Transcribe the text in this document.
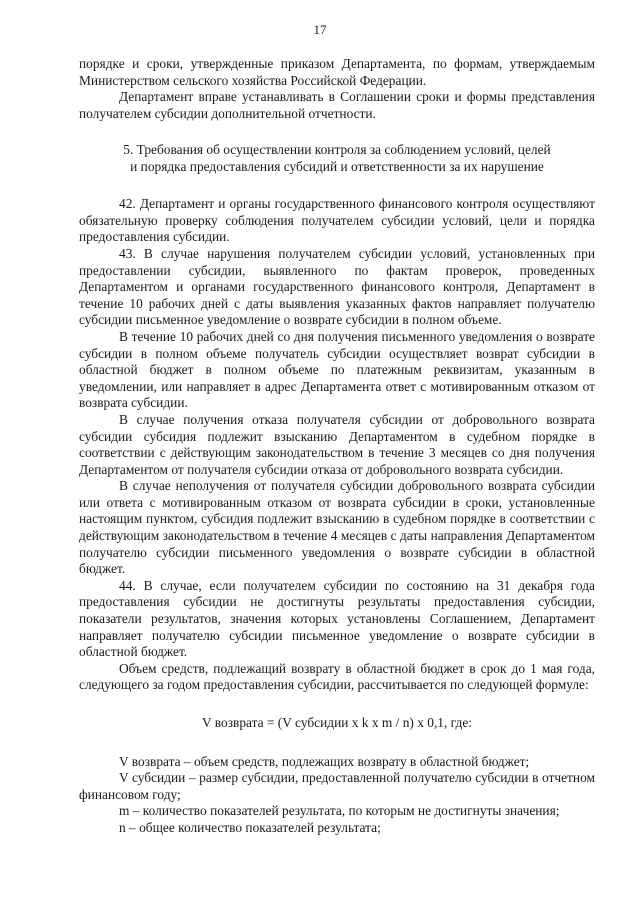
17

порядке и сроки, утвержденные приказом Департамента, по формам, утверждаемым Министерством сельского хозяйства Российской Федерации.

Департамент вправе устанавливать в Соглашении сроки и формы представления получателем субсидии дополнительной отчетности.

5. Требования об осуществлении контроля за соблюдением условий, целей
и порядка предоставления субсидий и ответственности за их нарушение

42. Департамент и органы государственного финансового контроля осуществляют обязательную проверку соблюдения получателем субсидии условий, цели и порядка предоставления субсидии.

43. В случае нарушения получателем субсидии условий, установленных при предоставлении субсидии, выявленного по фактам проверок, проведенных Департаментом и органами государственного финансового контроля, Департамент в течение 10 рабочих дней с даты выявления указанных фактов направляет получателю субсидии письменное уведомление о возврате субсидии в полном объеме.

В течение 10 рабочих дней со дня получения письменного уведомления о возврате субсидии в полном объеме получатель субсидии осуществляет возврат субсидии в областной бюджет в полном объеме по платежным реквизитам, указанным в уведомлении, или направляет в адрес Департамента ответ с мотивированным отказом от возврата субсидии.

В случае получения отказа получателя субсидии от добровольного возврата субсидии субсидия подлежит взысканию Департаментом в судебном порядке в соответствии с действующим законодательством в течение 3 месяцев со дня получения Департаментом от получателя субсидии отказа от добровольного возврата субсидии.

В случае неполучения от получателя субсидии добровольного возврата субсидии или ответа с мотивированным отказом от возврата субсидии в сроки, установленные настоящим пунктом, субсидия подлежит взысканию в судебном порядке в соответствии с действующим законодательством в течение 4 месяцев с даты направления Департаментом получателю субсидии письменного уведомления о возврате субсидии в областной бюджет.

44. В случае, если получателем субсидии по состоянию на 31 декабря года предоставления субсидии не достигнуты результаты предоставления субсидии, показатели результатов, значения которых установлены Соглашением, Департамент направляет получателю субсидии письменное уведомление о возврате субсидии в областной бюджет.

Объем средств, подлежащий возврату в областной бюджет в срок до 1 мая года, следующего за годом предоставления субсидии, рассчитывается по следующей формуле:

V возврата = (V субсидии x k x m / n) x 0,1, где:

V возврата – объем средств, подлежащих возврату в областной бюджет;

V субсидии – размер субсидии, предоставленной получателю субсидии в отчетном финансовом году;

m – количество показателей результата, по которым не достигнуты значения;

n – общее количество показателей результата;
